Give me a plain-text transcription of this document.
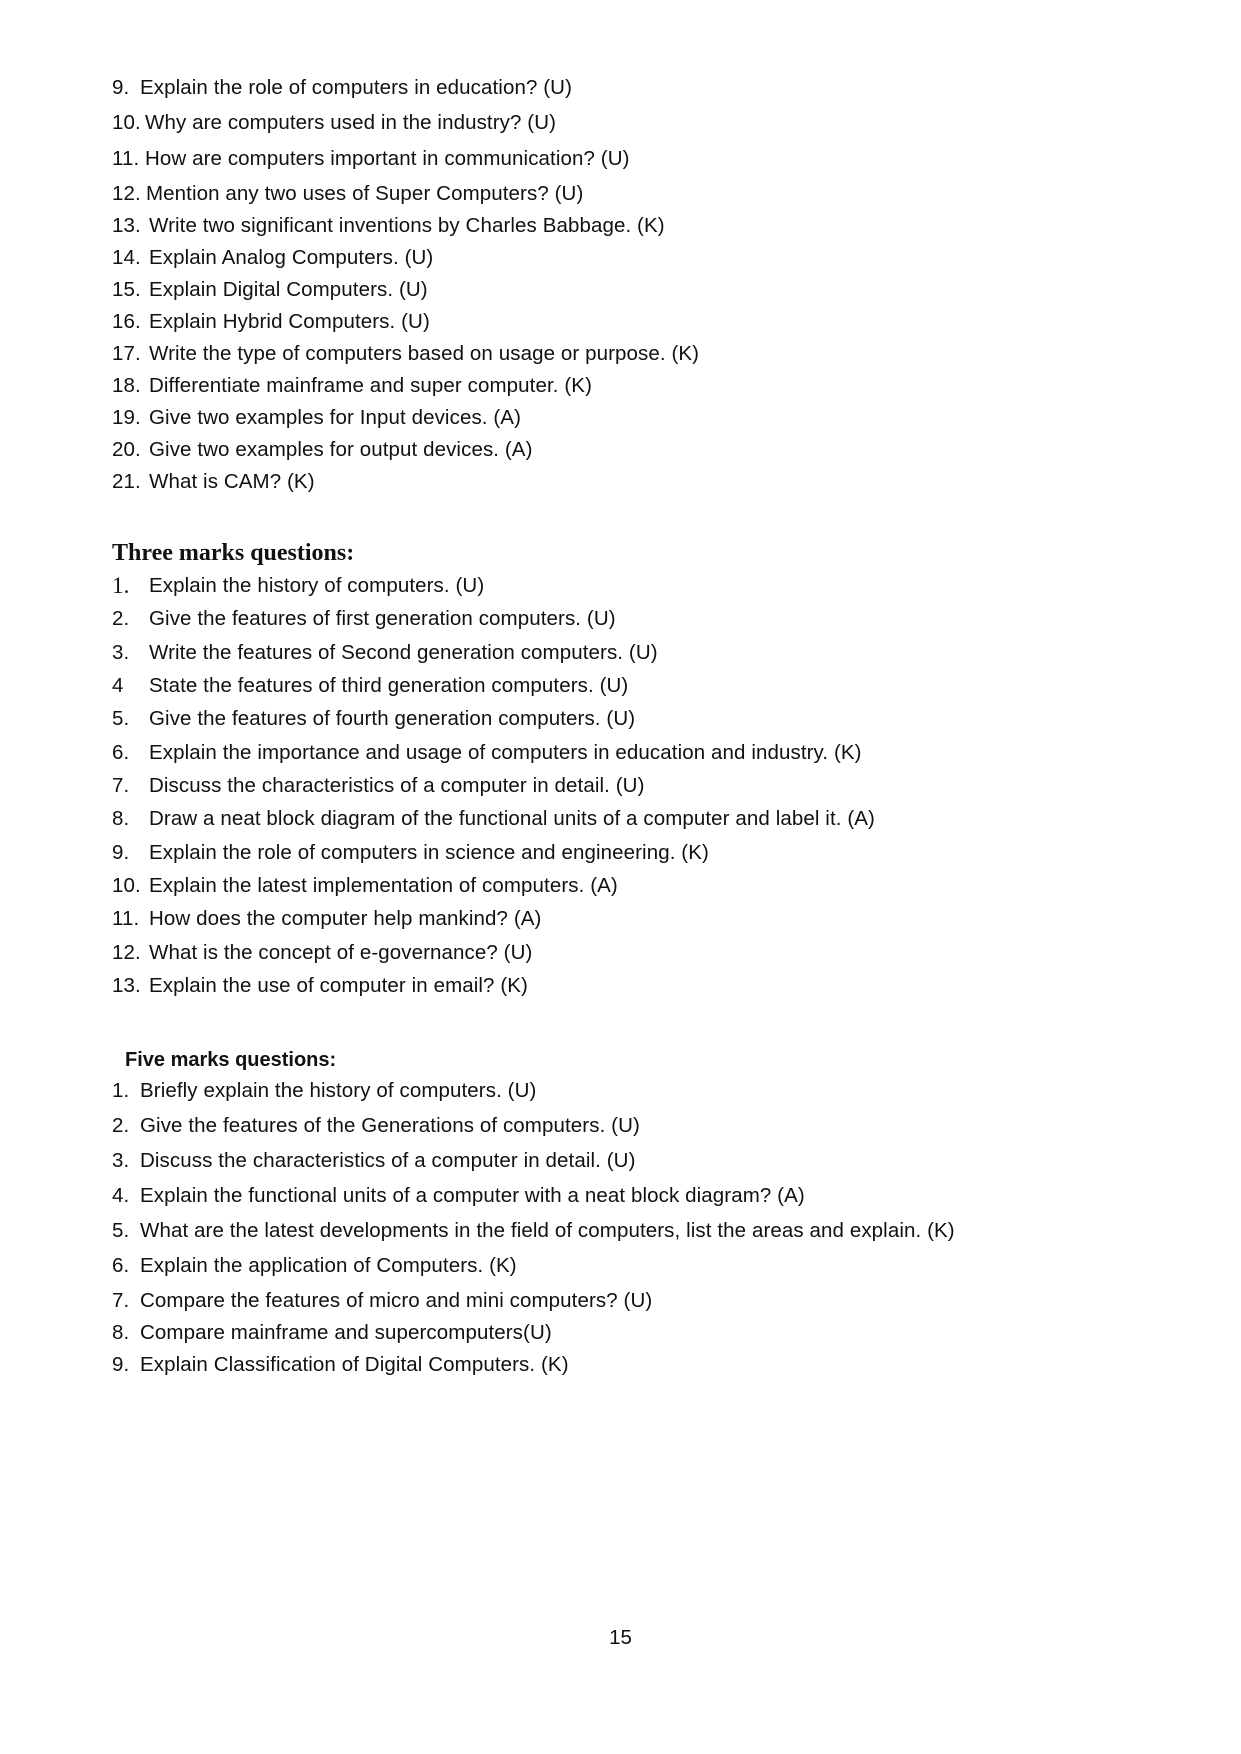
9. Explain the role of computers in education? (U)
10. Why are computers used in the industry? (U)
11. How are computers important in communication? (U)
12. Mention any two uses of Super Computers? (U)
13. Write two significant inventions by Charles Babbage. (K)
14. Explain Analog Computers. (U)
15. Explain Digital Computers. (U)
16. Explain Hybrid Computers. (U)
17. Write the type of computers based on usage or purpose. (K)
18. Differentiate mainframe and super computer. (K)
19. Give two examples for Input devices. (A)
20. Give two examples for output devices. (A)
21. What is CAM? (K)
Three marks questions:
1. Explain the history of computers. (U)
2. Give the features of first generation computers. (U)
3. Write the features of Second generation computers. (U)
4 State the features of third generation computers. (U)
5. Give the features of fourth generation computers. (U)
6. Explain the importance and usage of computers in education and industry. (K)
7. Discuss the characteristics of a computer in detail. (U)
8. Draw a neat block diagram of the functional units of a computer and label it. (A)
9. Explain the role of computers in science and engineering. (K)
10. Explain the latest implementation of computers. (A)
11. How does the computer help mankind? (A)
12. What is the concept of e-governance? (U)
13. Explain the use of computer in email? (K)
Five marks questions:
1. Briefly explain the history of computers. (U)
2. Give the features of the Generations of computers. (U)
3. Discuss the characteristics of a computer in detail. (U)
4. Explain the functional units of a computer with a neat block diagram? (A)
5. What are the latest developments in the field of computers, list the areas and explain. (K)
6. Explain the application of Computers. (K)
7. Compare the features of micro and mini computers? (U)
8. Compare mainframe and supercomputers(U)
9. Explain Classification of Digital Computers. (K)
15
